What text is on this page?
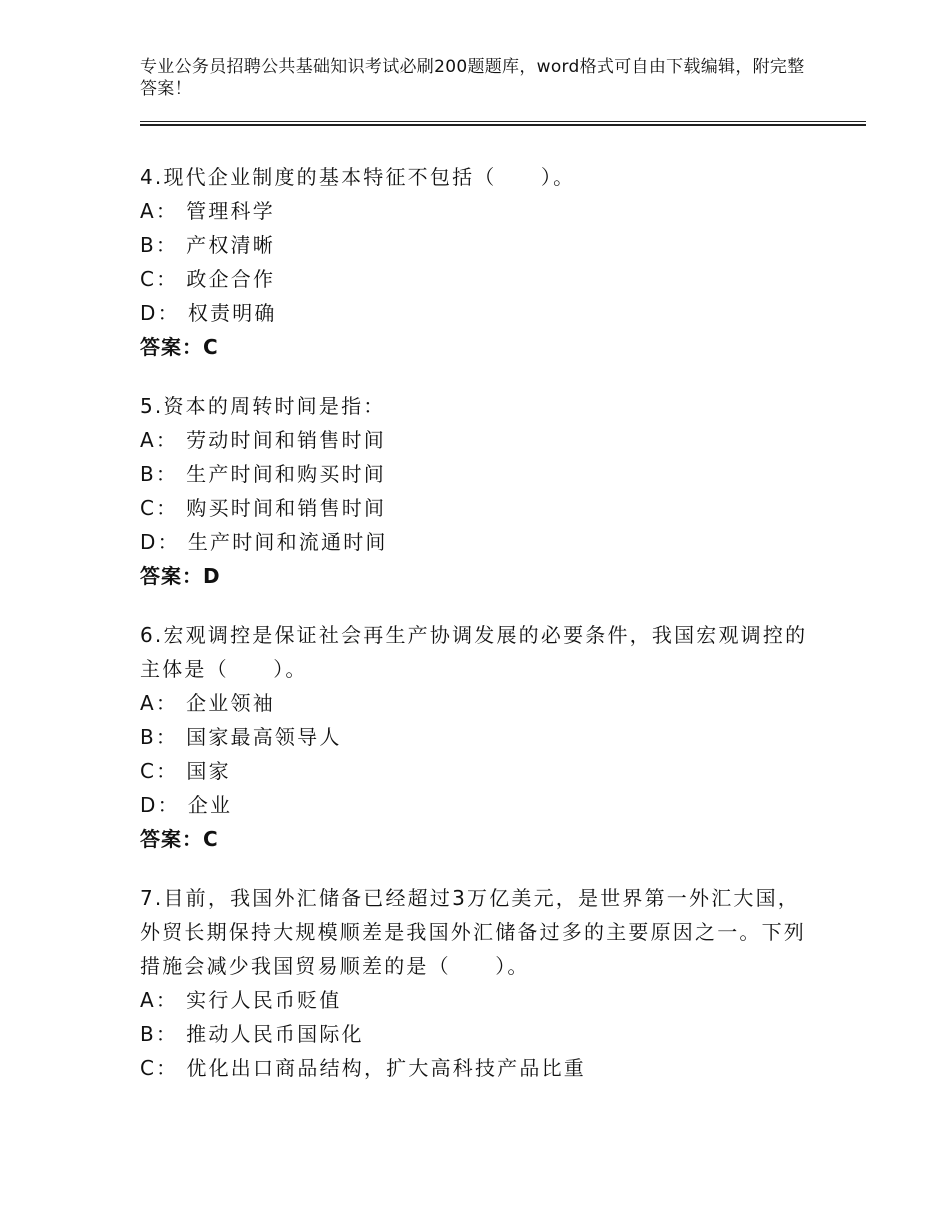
专业公务员招聘公共基础知识考试必刷200题题库，word格式可自由下载编辑，附完整答案！
4.现代企业制度的基本特征不包括（　　）。
A： 管理科学
B： 产权清晰
C： 政企合作
D： 权责明确
答案：C
5.资本的周转时间是指：
A： 劳动时间和销售时间
B： 生产时间和购买时间
C： 购买时间和销售时间
D： 生产时间和流通时间
答案：D
6.宏观调控是保证社会再生产协调发展的必要条件，我国宏观调控的
主体是（　　）。
A： 企业领袖
B： 国家最高领导人
C： 国家
D： 企业
答案：C
7.目前，我国外汇储备已经超过3万亿美元，是世界第一外汇大国，
外贸长期保持大规模顺差是我国外汇储备过多的主要原因之一。下列
措施会减少我国贸易顺差的是（　　）。
A： 实行人民币贬值
B： 推动人民币国际化
C： 优化出口商品结构，扩大高科技产品比重
